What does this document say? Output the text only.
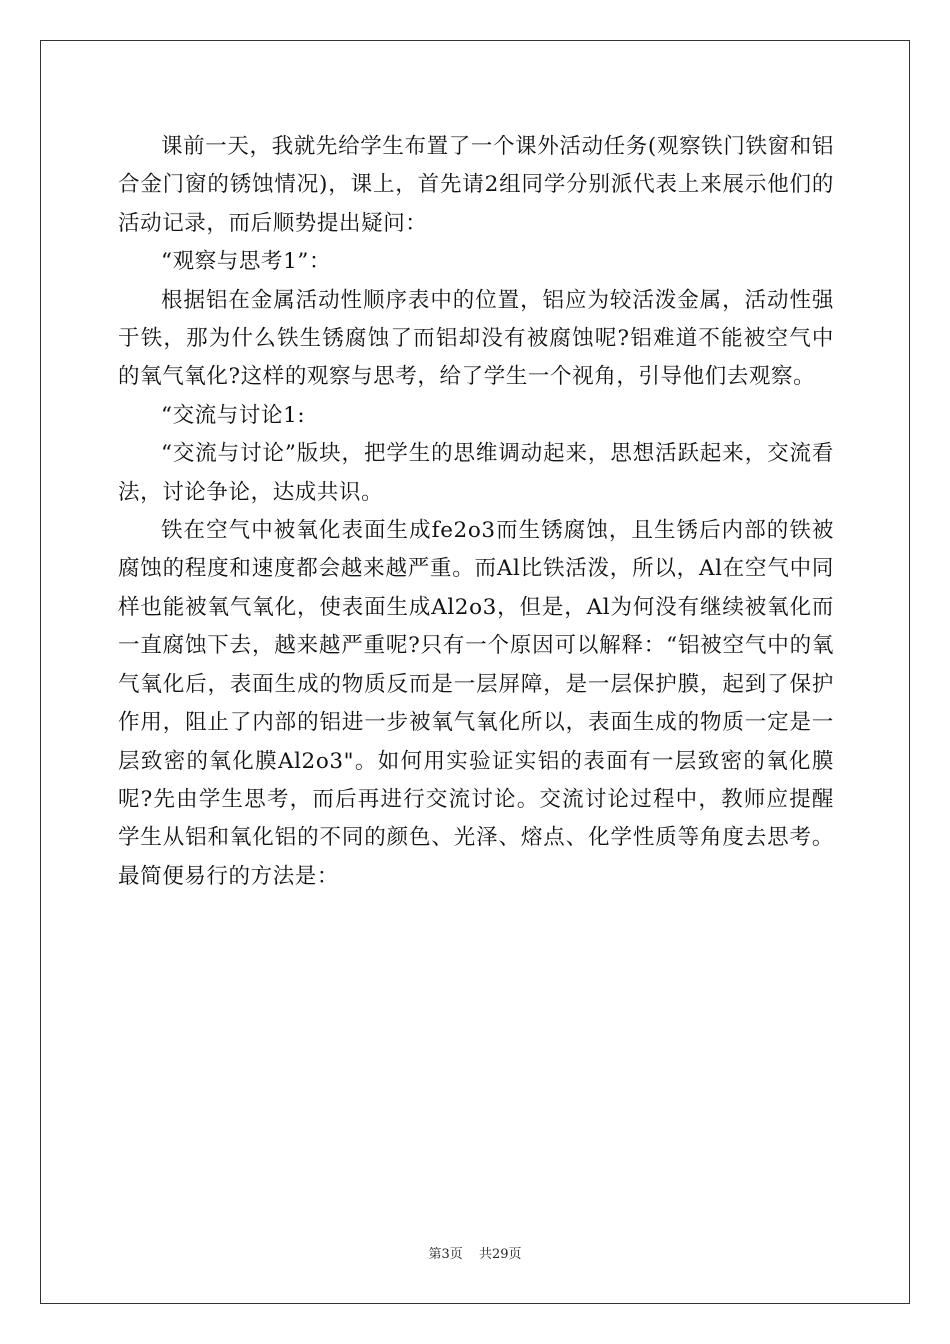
课前一天，我就先给学生布置了一个课外活动任务(观察铁门铁窗和铝合金门窗的锈蚀情况)，课上，首先请2组同学分别派代表上来展示他们的活动记录，而后顺势提出疑问：

“观察与思考1”：

根据铝在金属活动性顺序表中的位置，铝应为较活泼金属，活动性强于铁，那为什么铁生锈腐蚀了而铝却没有被腐蚀呢?铝难道不能被空气中的氧气氧化?这样的观察与思考，给了学生一个视角，引导他们去观察。

“交流与讨论1:

“交流与讨论”版块，把学生的思维调动起来，思想活跃起来，交流看法，讨论争论，达成共识。

铁在空气中被氧化表面生成fe2o3而生锈腐蚀，且生锈后内部的铁被腐蚀的程度和速度都会越来越严重。而Al比铁活泼，所以，Al在空气中同样也能被氧气氧化，使表面生成Al2o3，但是，Al为何没有继续被氧化而一直腐蚀下去，越来越严重呢?只有一个原因可以解释：“铝被空气中的氧气氧化后，表面生成的物质反而是一层屏障，是一层保护膜，起到了保护作用，阻止了内部的铝进一步被氧气氧化所以，表面生成的物质一定是一层致密的氧化膜Al2o3"。如何用实验证实铝的表面有一层致密的氧化膜呢?先由学生思考，而后再进行交流讨论。交流讨论过程中，教师应提醒学生从铝和氧化铝的不同的颜色、光泽、熔点、化学性质等角度去思考。最简便易行的方法是：

第3页 共29页
